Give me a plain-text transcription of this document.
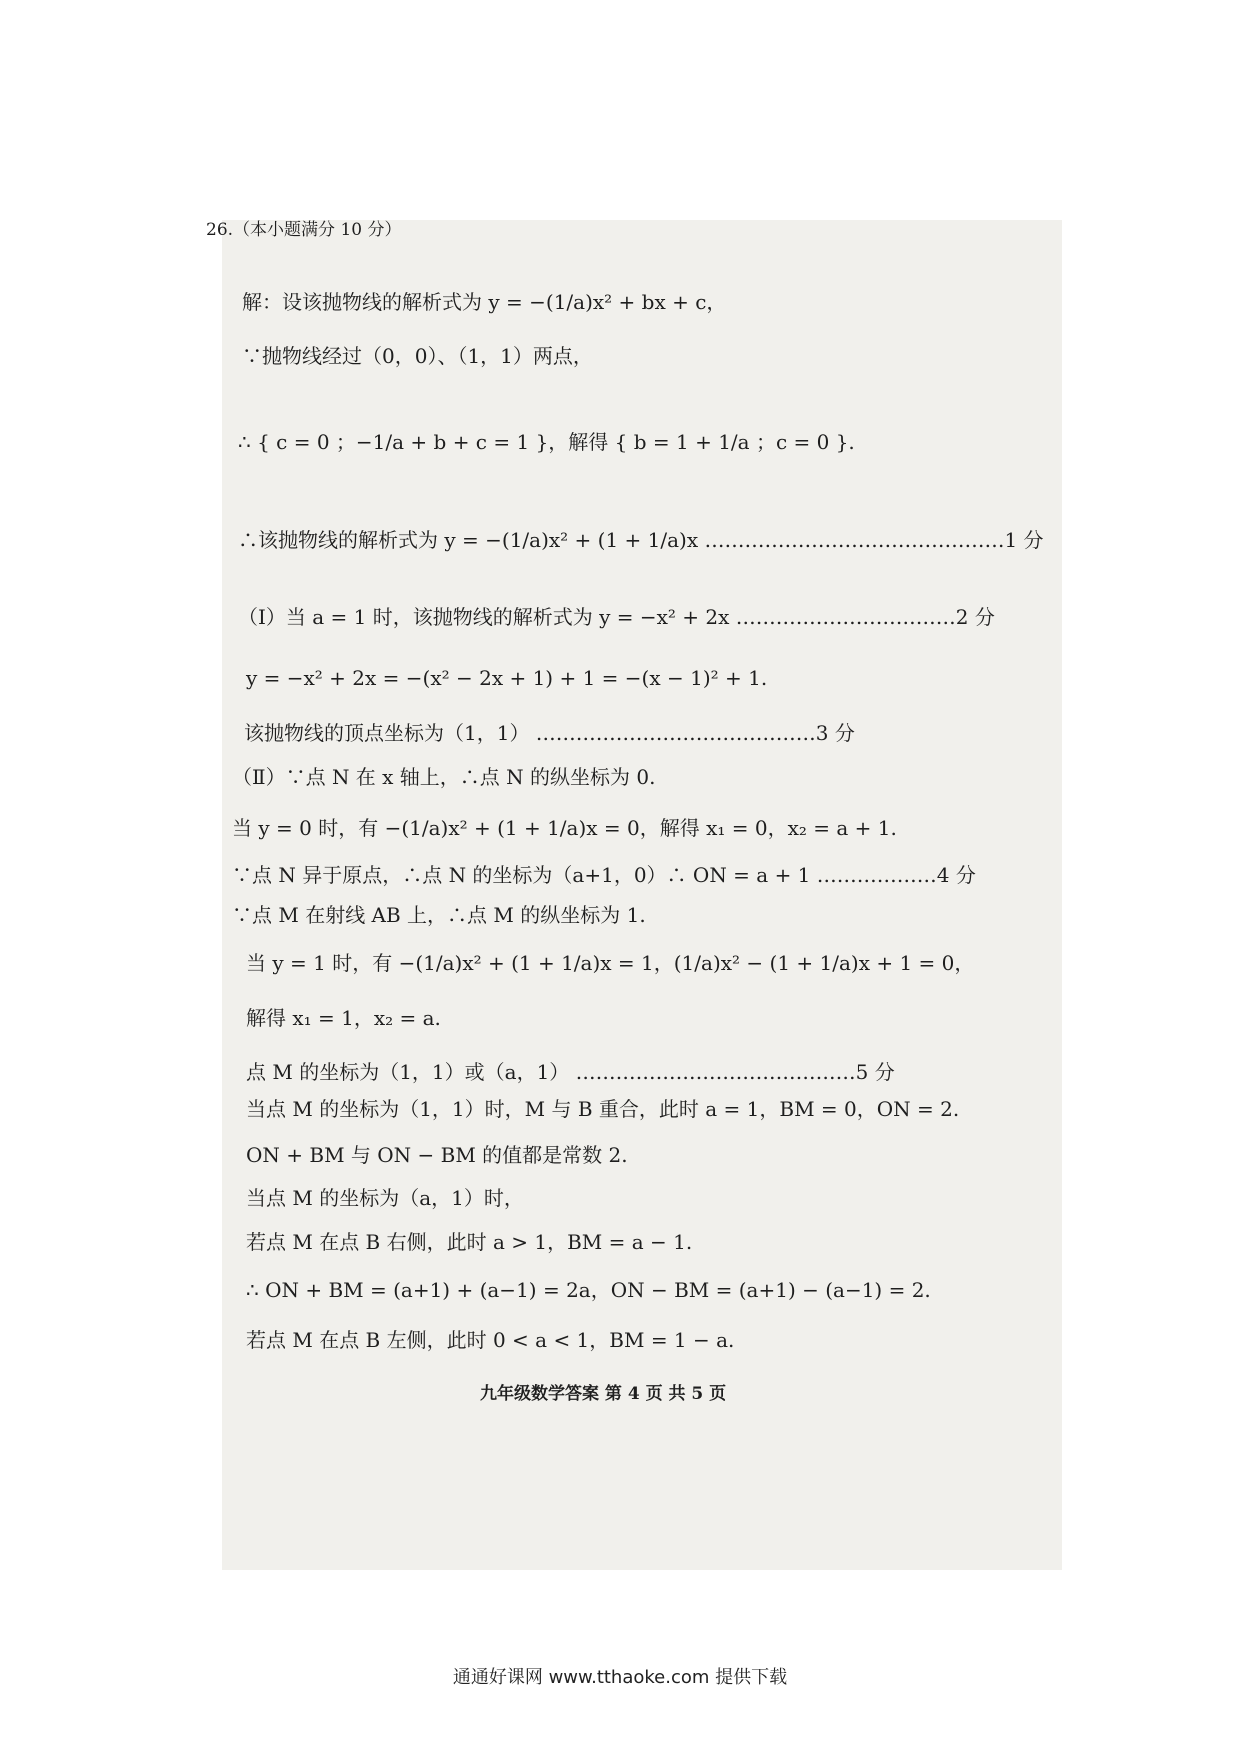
26.（本小题满分 10 分）
解：设该抛物线的解析式为 y = −(1/a)x² + bx + c，
∵抛物线经过（0，0）、（1，1）两点，
∴ { c = 0 ；−1/a + b + c = 1 }，解得 { b = 1 + 1/a ；c = 0 }.
∴该抛物线的解析式为 y = −(1/a)x² + (1 + 1/a)x ………………………………………1 分
（Ⅰ）当 a = 1 时，该抛物线的解析式为 y = −x² + 2x ……………………………2 分
y = −x² + 2x = −(x² − 2x + 1) + 1 = −(x − 1)² + 1.
该抛物线的顶点坐标为（1，1） ……………………………………3 分
（Ⅱ）∵点 N 在 x 轴上，∴点 N 的纵坐标为 0.
当 y = 0 时，有 −(1/a)x² + (1 + 1/a)x = 0，解得 x₁ = 0，x₂ = a + 1.
∵点 N 异于原点，∴点 N 的坐标为（a+1，0）∴ ON = a + 1 ………………4 分
∵点 M 在射线 AB 上，∴点 M 的纵坐标为 1.
当 y = 1 时，有 −(1/a)x² + (1 + 1/a)x = 1，(1/a)x² − (1 + 1/a)x + 1 = 0，
解得 x₁ = 1，x₂ = a.
点 M 的坐标为（1，1）或（a，1） ……………………………………5 分
当点 M 的坐标为（1，1）时，M 与 B 重合，此时 a = 1，BM = 0，ON = 2.
ON + BM 与 ON − BM 的值都是常数 2.
当点 M 的坐标为（a，1）时，
若点 M 在点 B 右侧，此时 a > 1，BM = a − 1.
∴ ON + BM = (a+1) + (a−1) = 2a，ON − BM = (a+1) − (a−1) = 2.
若点 M 在点 B 左侧，此时 0 < a < 1，BM = 1 − a.
九年级数学答案 第 4 页 共 5 页
通通好课网 www.tthaoke.com 提供下载
